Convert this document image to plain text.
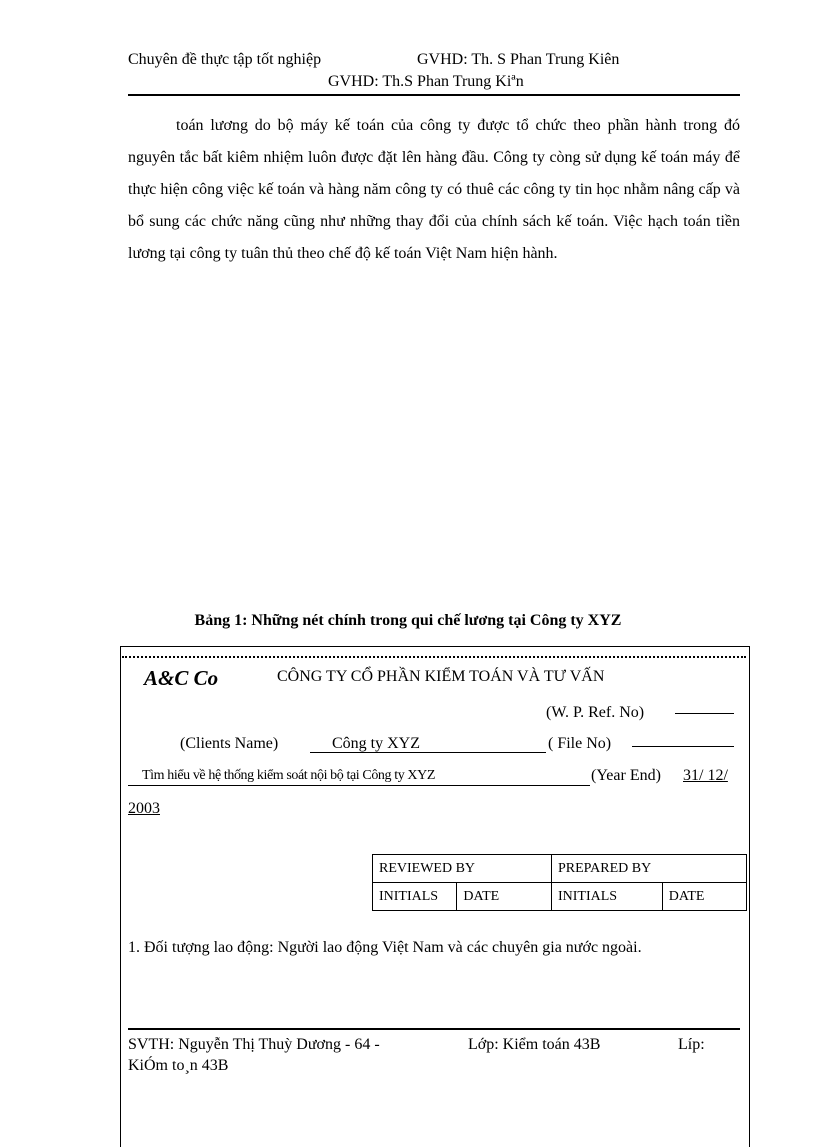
Chuyên đề thực tập tốt nghiệp	GVHD: Th. S Phan Trung Kiên
GVHD: Th.S Phan Trung Kiªn

toán lương do bộ máy kế toán của công ty được tổ chức theo phần hành trong đó nguyên tắc bất kiêm nhiệm luôn được đặt lên hàng đầu. Công ty còng sử dụng kế toán máy để thực hiện công việc kế toán và hàng năm công ty có thuê các công ty tin học nhằm nâng cấp và bổ sung các chức năng cũng như những thay đổi của chính sách kế toán. Việc hạch toán tiền lương tại công ty tuân thủ theo chế độ kế toán Việt Nam hiện hành.

Bảng 1: Những nét chính trong qui chế lương tại Công ty XYZ
A&C Co	CÔNG TY CỔ PHẦN KIỂM TOÁN VÀ TƯ VẤN
(W. P. Ref. No)
(Clients Name)	Công ty XYZ	( File No)
Tìm hiểu về hệ thống kiểm soát nội bộ tại Công ty XYZ	(Year End) 31/ 12/
2003
REVIEWED BY		PREPARED BY	
INITIALS	DATE	INITIALS	DATE
1. Đối tượng lao động: Người lao động Việt Nam và các chuyên gia nước ngoài.
SVTH: Nguyễn Thị Thuỳ Dương - 64 -	Lớp: Kiểm toán 43B	Líp:
KiÓm to¸n 43B
